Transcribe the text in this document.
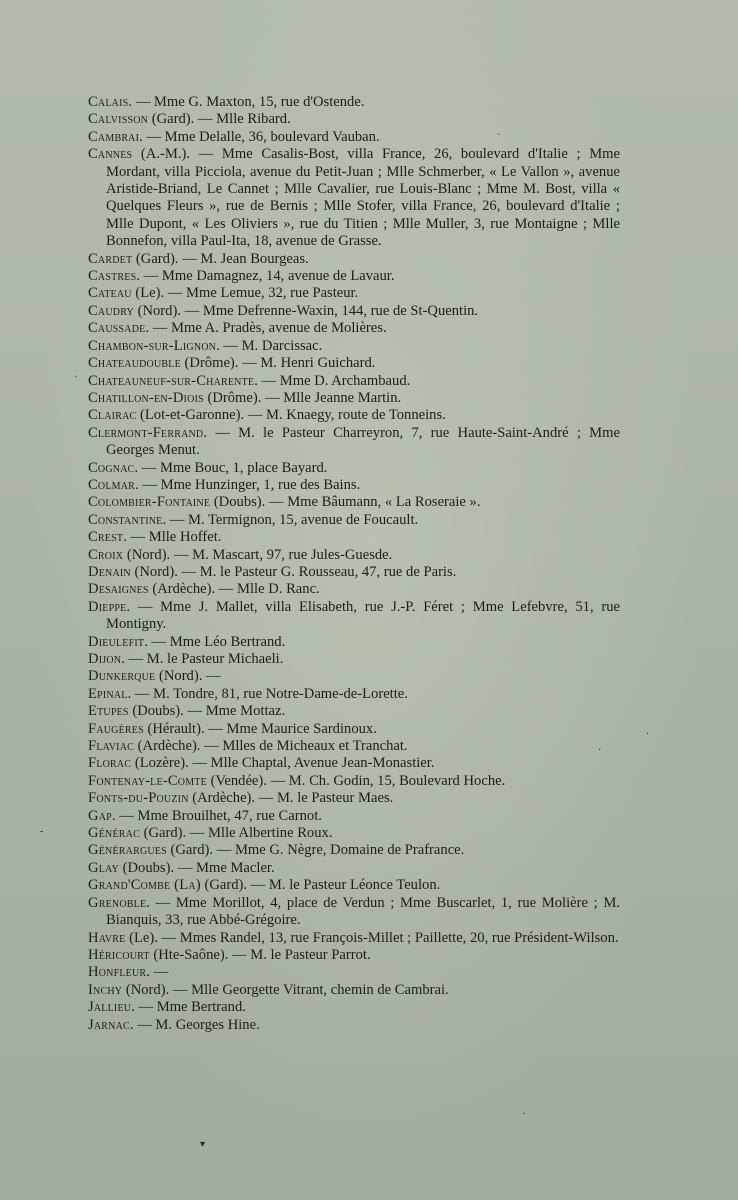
Calais. — Mme G. Maxton, 15, rue d'Ostende.
Calvisson (Gard). — Mlle Ribard.
Cambrai. — Mme Delalle, 36, boulevard Vauban.
Cannes (A.-M.). — Mme Casalis-Bost, villa France, 26, boulevard d'Italie ; Mme Mordant, villa Picciola, avenue du Petit-Juan ; Mlle Schmerber, « Le Vallon », avenue Aristide-Briand, Le Cannet ; Mlle Cavalier, rue Louis-Blanc ; Mme M. Bost, villa « Quelques Fleurs », rue de Bernis ; Mlle Stofer, villa France, 26, boulevard d'Italie ; Mlle Dupont, « Les Oliviers », rue du Titien ; Mlle Muller, 3, rue Montaigne ; Mlle Bonnefon, villa Paul-Ita, 18, avenue de Grasse.
Cardet (Gard). — M. Jean Bourgeas.
Castres. — Mme Damagnez, 14, avenue de Lavaur.
Cateau (Le). — Mme Lemue, 32, rue Pasteur.
Caudry (Nord). — Mme Defrenne-Waxin, 144, rue de St-Quentin.
Caussade. — Mme A. Pradès, avenue de Molières.
Chambon-sur-Lignon. — M. Darcissac.
Chateaudouble (Drôme). — M. Henri Guichard.
Chateauneuf-sur-Charente. — Mme D. Archambaud.
Chatillon-en-Diois (Drôme). — Mlle Jeanne Martin.
Clairac (Lot-et-Garonne). — M. Knaegy, route de Tonneins.
Clermont-Ferrand. — M. le Pasteur Charreyron, 7, rue Haute-Saint-André ; Mme Georges Menut.
Cognac. — Mme Bouc, 1, place Bayard.
Colmar. — Mme Hunzinger, 1, rue des Bains.
Colombier-Fontaine (Doubs). — Mme Bâumann, « La Roseraie ».
Constantine. — M. Termignon, 15, avenue de Foucault.
Crest. — Mlle Hoffet.
Croix (Nord). — M. Mascart, 97, rue Jules-Guesde.
Denain (Nord). — M. le Pasteur G. Rousseau, 47, rue de Paris.
Desaignes (Ardèche). — Mlle D. Ranc.
Dieppe. — Mme J. Mallet, villa Elisabeth, rue J.-P. Féret ; Mme Lefebvre, 51, rue Montigny.
Dieulefit. — Mme Léo Bertrand.
Dijon. — M. le Pasteur Michaeli.
Dunkerque (Nord). —
Epinal. — M. Tondre, 81, rue Notre-Dame-de-Lorette.
Etupes (Doubs). — Mme Mottaz.
Faugères (Hérault). — Mme Maurice Sardinoux.
Flaviac (Ardèche). — Mlles de Micheaux et Tranchat.
Florac (Lozère). — Mlle Chaptal, Avenue Jean-Monastier.
Fontenay-le-Comte (Vendée). — M. Ch. Godin, 15, Boulevard Hoche.
Fonts-du-Pouzin (Ardèche). — M. le Pasteur Maes.
Gap. — Mme Brouilhet, 47, rue Carnot.
Générac (Gard). — Mlle Albertine Roux.
Générargues (Gard). — Mme G. Nègre, Domaine de Prafrance.
Glay (Doubs). — Mme Macler.
Grand'Combe (La) (Gard). — M. le Pasteur Léonce Teulon.
Grenoble. — Mme Morillot, 4, place de Verdun ; Mme Buscarlet, 1, rue Molière ; M. Bianquis, 33, rue Abbé-Grégoire.
Havre (Le). — Mmes Randel, 13, rue François-Millet ; Paillette, 20, rue Président-Wilson.
Héricourt (Hte-Saône). — M. le Pasteur Parrot.
Honfleur. —
Inchy (Nord). — Mlle Georgette Vitrant, chemin de Cambrai.
Jallieu. — Mme Bertrand.
Jarnac. — M. Georges Hine.
·
·
·
·
-
▾
·
